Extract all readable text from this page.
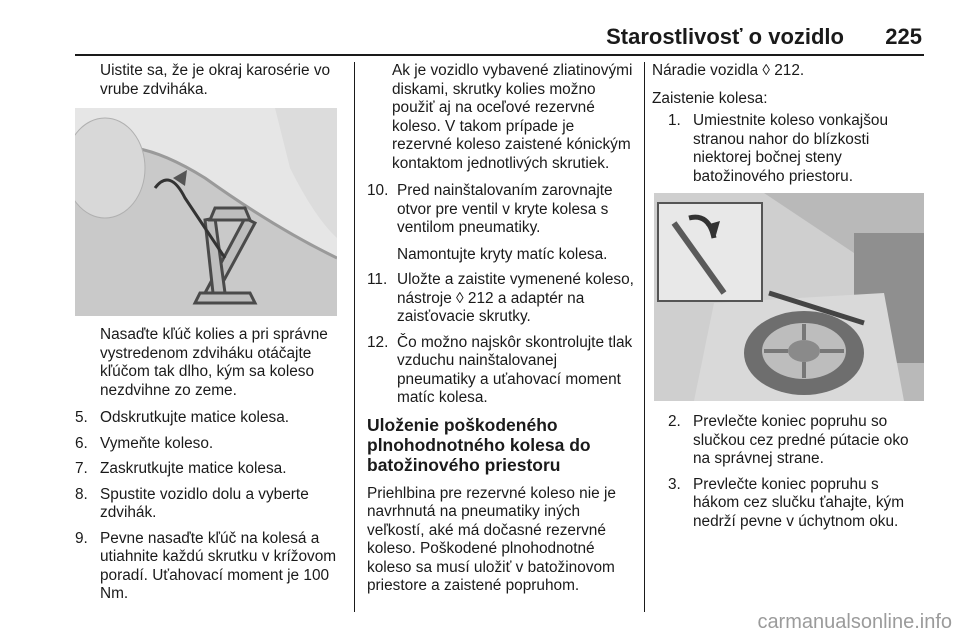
Starostlivosť o vozidlo 225

Uistite sa, že je okraj karosérie vo vrube zdviháka.

Nasaďte kľúč kolies a pri správne vystredenom zdviháku otáčajte kľúčom tak dlho, kým sa koleso nezdvihne zo zeme.

5. Odskrutkujte matice kolesa.
6. Vymeňte koleso.
7. Zaskrutkujte matice kolesa.
8. Spustite vozidlo dolu a vyberte zdvihák.
9. Pevne nasaďte kľúč na kolesá a utiahnite každú skrutku v krížovom poradí. Uťahovací moment je 100 Nm.

Ak je vozidlo vybavené zliatinovými diskami, skrutky kolies možno použiť aj na oceľové rezervné koleso. V takom prípade je rezervné koleso zaistené kónickým kontaktom jednotlivých skrutiek.

10. Pred nainštalovaním zarovnajte otvor pre ventil v kryte kolesa s ventilom pneumatiky.

Namontujte kryty matíc kolesa.

11. Uložte a zaistite vymenené koleso, nástroje ◊ 212 a adaptér na zaisťovacie skrutky.
12. Čo možno najskôr skontrolujte tlak vzduchu nainštalovanej pneumatiky a uťahovací moment matíc kolesa.

Uloženie poškodeného plnohodnotného kolesa do batožinového priestoru

Priehlbina pre rezervné koleso nie je navrhnutá na pneumatiky iných veľkostí, aké má dočasné rezervné koleso. Poškodené plnohodnotné koleso sa musí uložiť v batožinovom priestore a zaistené popruhom.

Náradie vozidla ◊ 212.

Zaistenie kolesa:

1. Umiestnite koleso vonkajšou stranou nahor do blízkosti niektorej bočnej steny batožinového priestoru.
2. Prevlečte koniec popruhu so slučkou cez predné pútacie oko na správnej strane.
3. Prevlečte koniec popruhu s hákom cez slučku ťahajte, kým nedrží pevne v úchytnom oku.
carmanualsonline.info
